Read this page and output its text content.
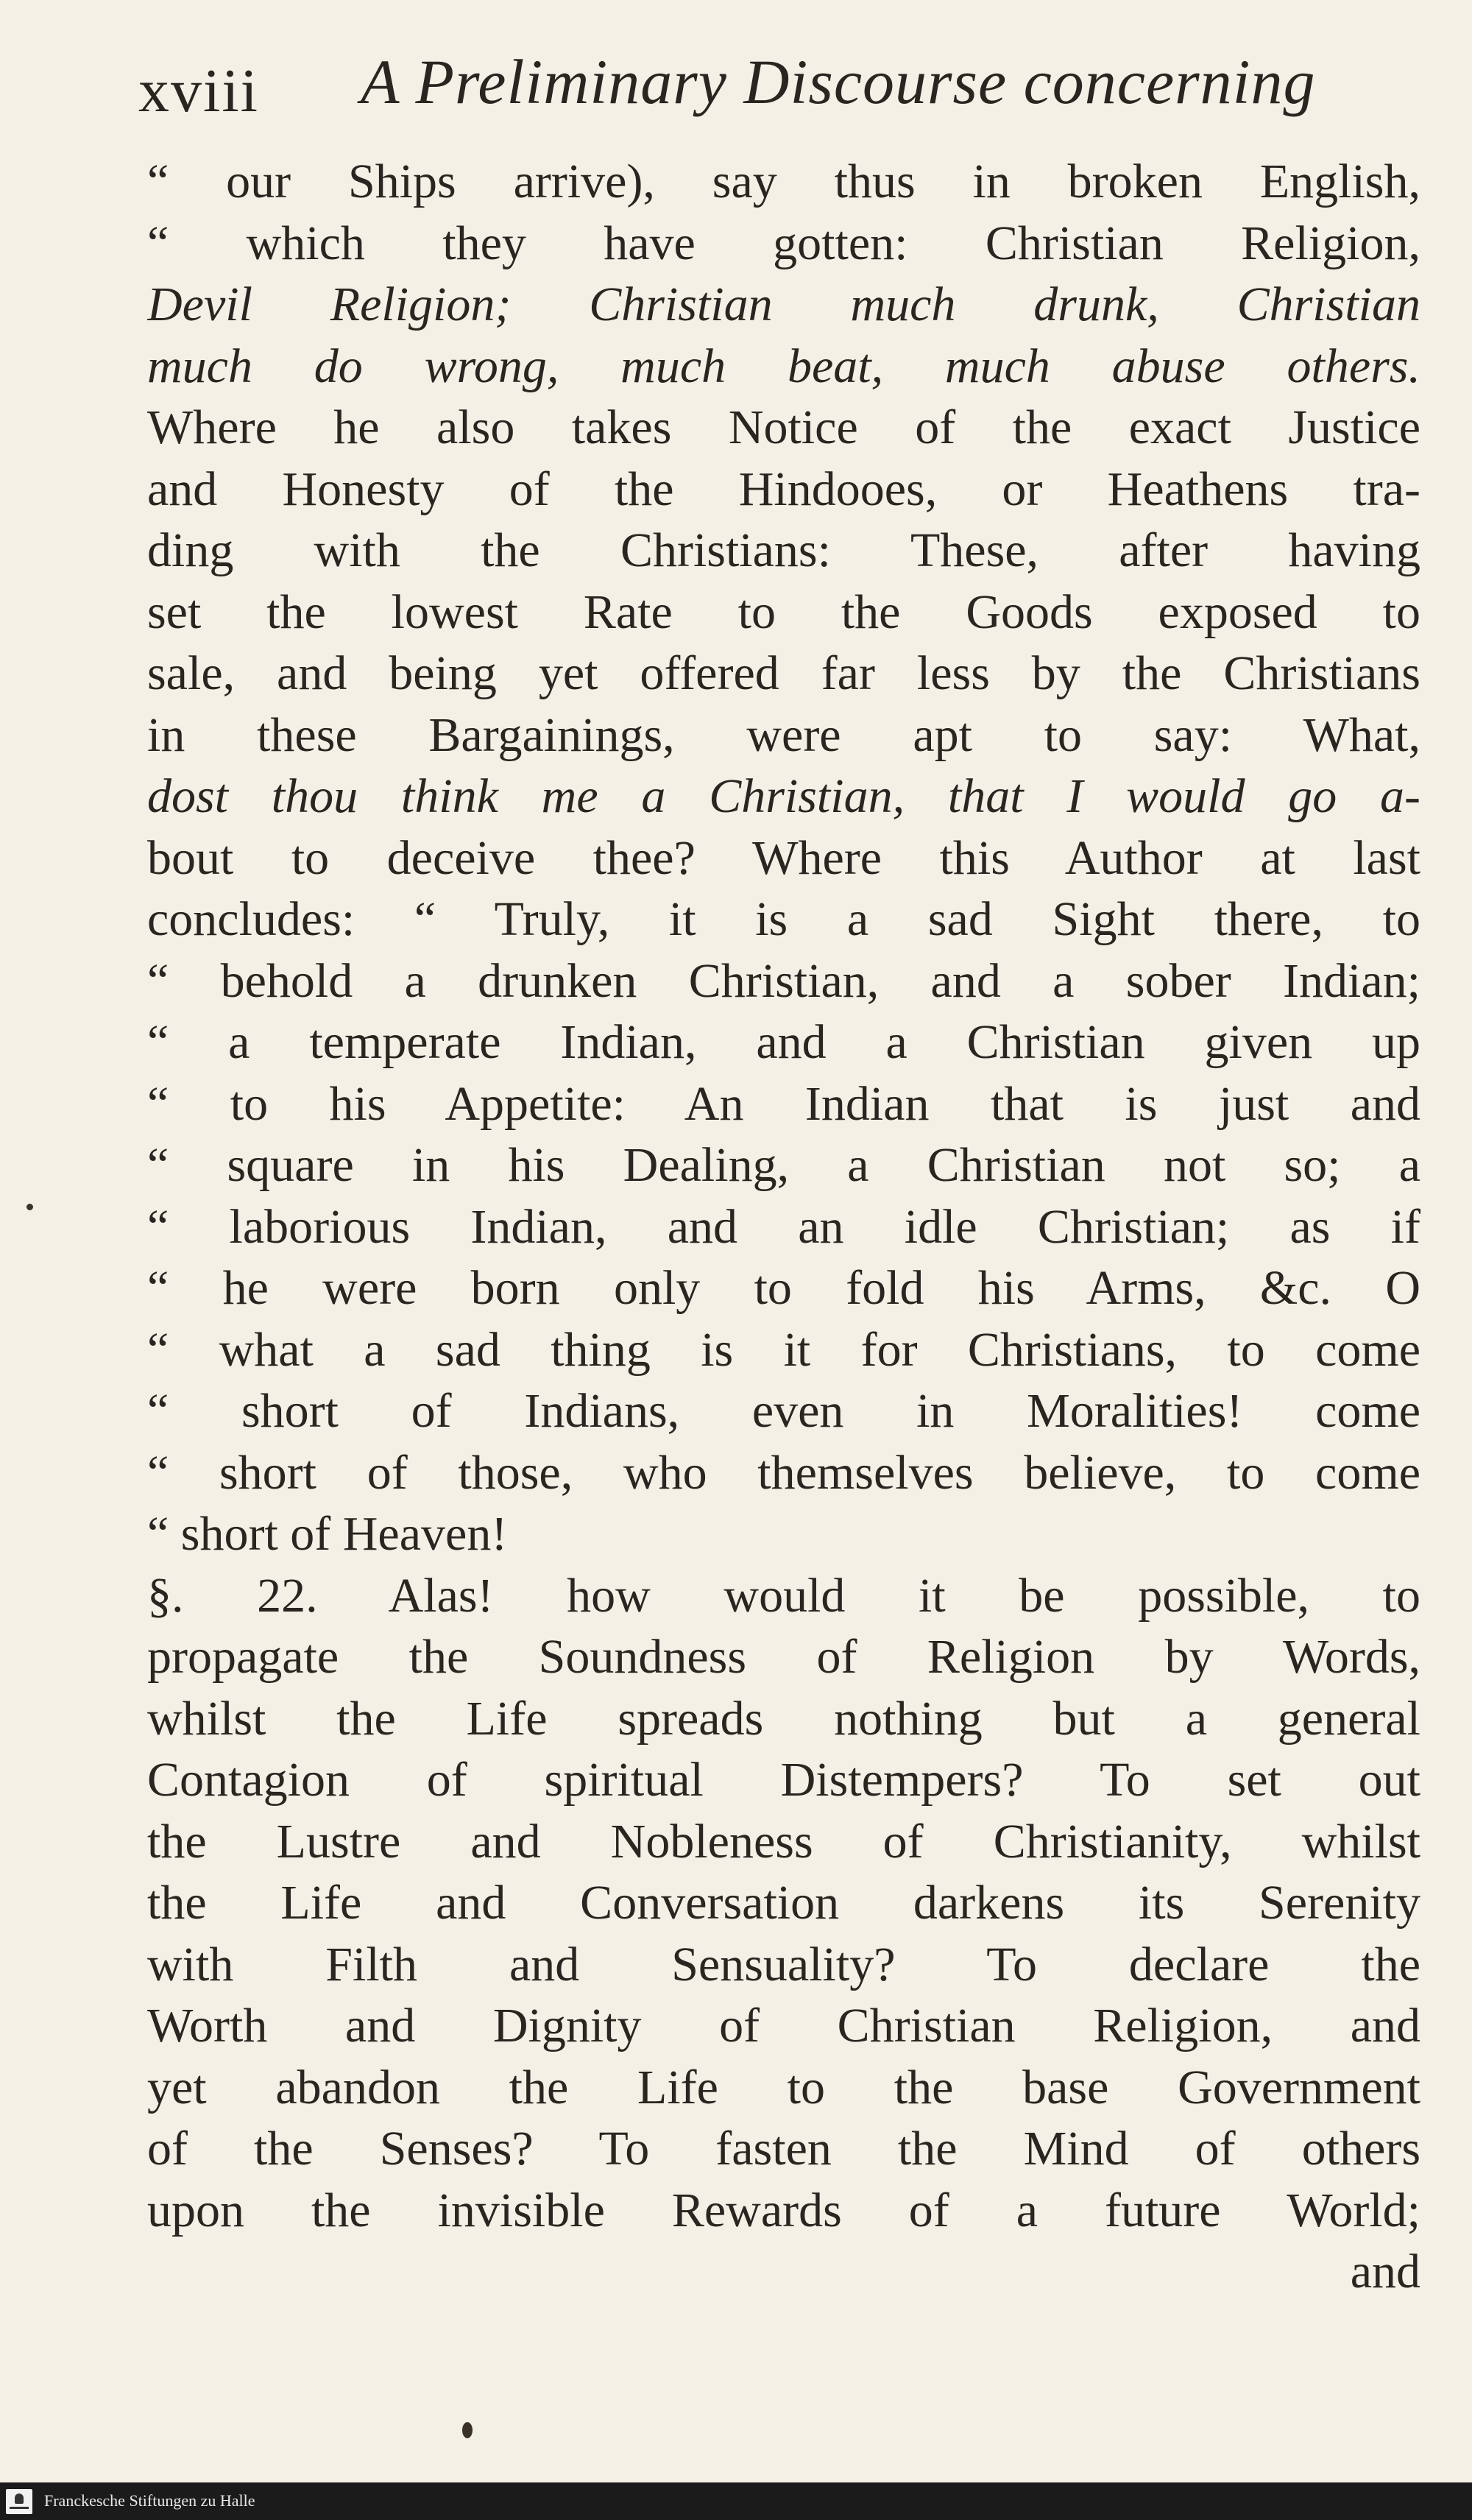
xviii A Preliminary Discourse concerning
“ our Ships arrive), say thus in broken English,
“ which they have gotten: Christian Religion,
Devil Religion; Christian much drunk, Christian
much do wrong, much beat, much abuse others.
Where he also takes Notice of the exact Justice
and Honesty of the Hindooes, or Heathens tra-
ding with the Christians: These, after having
set the lowest Rate to the Goods exposed to
sale, and being yet offered far less by the Christians
in these Bargainings, were apt to say: What,
dost thou think me a Christian, that I would go a-
bout to deceive thee? Where this Author at last
concludes: “ Truly, it is a sad Sight there, to
“ behold a drunken Christian, and a sober Indian;
“ a temperate Indian, and a Christian given up
“ to his Appetite: An Indian that is just and
“ square in his Dealing, a Christian not so; a
“ laborious Indian, and an idle Christian; as if
“ he were born only to fold his Arms, &c. O
“ what a sad thing is it for Christians, to come
“ short of Indians, even in Moralities! come
“ short of those, who themselves believe, to come
“ short of Heaven!
§. 22. Alas! how would it be possible, to
propagate the Soundness of Religion by Words,
whilst the Life spreads nothing but a general
Contagion of spiritual Distempers? To set out
the Lustre and Nobleness of Christianity, whilst
the Life and Conversation darkens its Serenity
with Filth and Sensuality? To declare the
Worth and Dignity of Christian Religion, and
yet abandon the Life to the base Government
of the Senses? To fasten the Mind of others
upon the invisible Rewards of a future World;
and
Franckesche Stiftungen zu Halle
